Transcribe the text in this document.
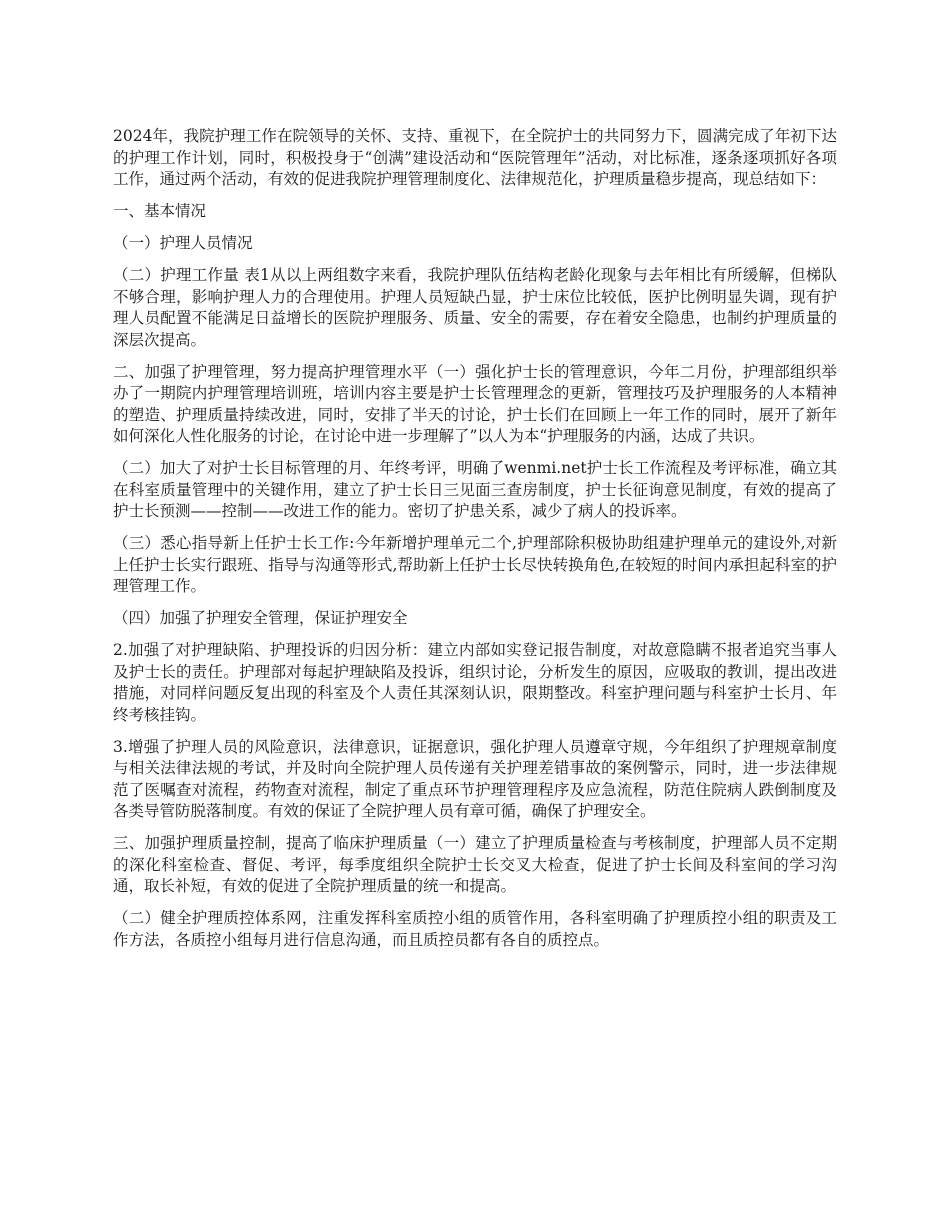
2024年，我院护理工作在院领导的关怀、支持、重视下，在全院护士的共同努力下，圆满完成了年初下达的护理工作计划，同时，积极投身于“创满”建设活动和“医院管理年”活动，对比标准，逐条逐项抓好各项工作，通过两个活动，有效的促进我院护理管理制度化、法律规范化，护理质量稳步提高，现总结如下：

一、基本情况

（一）护理人员情况

（二）护理工作量 表1从以上两组数字来看，我院护理队伍结构老龄化现象与去年相比有所缓解，但梯队不够合理，影响护理人力的合理使用。护理人员短缺凸显，护士床位比较低，医护比例明显失调，现有护理人员配置不能满足日益增长的医院护理服务、质量、安全的需要，存在着安全隐患，也制约护理质量的深层次提高。

二、加强了护理管理，努力提高护理管理水平（一）强化护士长的管理意识，今年二月份，护理部组织举办了一期院内护理管理培训班，培训内容主要是护士长管理理念的更新，管理技巧及护理服务的人本精神的塑造、护理质量持续改进，同时，安排了半天的讨论，护士长们在回顾上一年工作的同时，展开了新年如何深化人性化服务的讨论，在讨论中进一步理解了”以人为本“护理服务的内涵，达成了共识。

（二）加大了对护士长目标管理的月、年终考评，明确了wenmi.net护士长工作流程及考评标准，确立其在科室质量管理中的关键作用，建立了护士长日三见面三查房制度，护士长征询意见制度，有效的提高了护士长预测——控制——改进工作的能力。密切了护患关系，减少了病人的投诉率。

（三）悉心指导新上任护士长工作:今年新增护理单元二个,护理部除积极协助组建护理单元的建设外,对新上任护士长实行跟班、指导与沟通等形式,帮助新上任护士长尽快转换角色,在较短的时间内承担起科室的护理管理工作。

（四）加强了护理安全管理，保证护理安全

2.加强了对护理缺陷、护理投诉的归因分析：建立内部如实登记报告制度，对故意隐瞒不报者追究当事人及护士长的责任。护理部对每起护理缺陷及投诉，组织讨论，分析发生的原因，应吸取的教训，提出改进措施，对同样问题反复出现的科室及个人责任其深刻认识，限期整改。科室护理问题与科室护士长月、年终考核挂钩。

3.增强了护理人员的风险意识，法律意识，证据意识，强化护理人员遵章守规，今年组织了护理规章制度与相关法律法规的考试，并及时向全院护理人员传递有关护理差错事故的案例警示，同时，进一步法律规范了医嘱查对流程，药物查对流程，制定了重点环节护理管理程序及应急流程，防范住院病人跌倒制度及各类导管防脱落制度。有效的保证了全院护理人员有章可循，确保了护理安全。

三、加强护理质量控制，提高了临床护理质量（一）建立了护理质量检查与考核制度，护理部人员不定期的深化科室检查、督促、考评，每季度组织全院护士长交叉大检查，促进了护士长间及科室间的学习沟通，取长补短，有效的促进了全院护理质量的统一和提高。

（二）健全护理质控体系网，注重发挥科室质控小组的质管作用，各科室明确了护理质控小组的职责及工作方法，各质控小组每月进行信息沟通，而且质控员都有各自的质控点。
